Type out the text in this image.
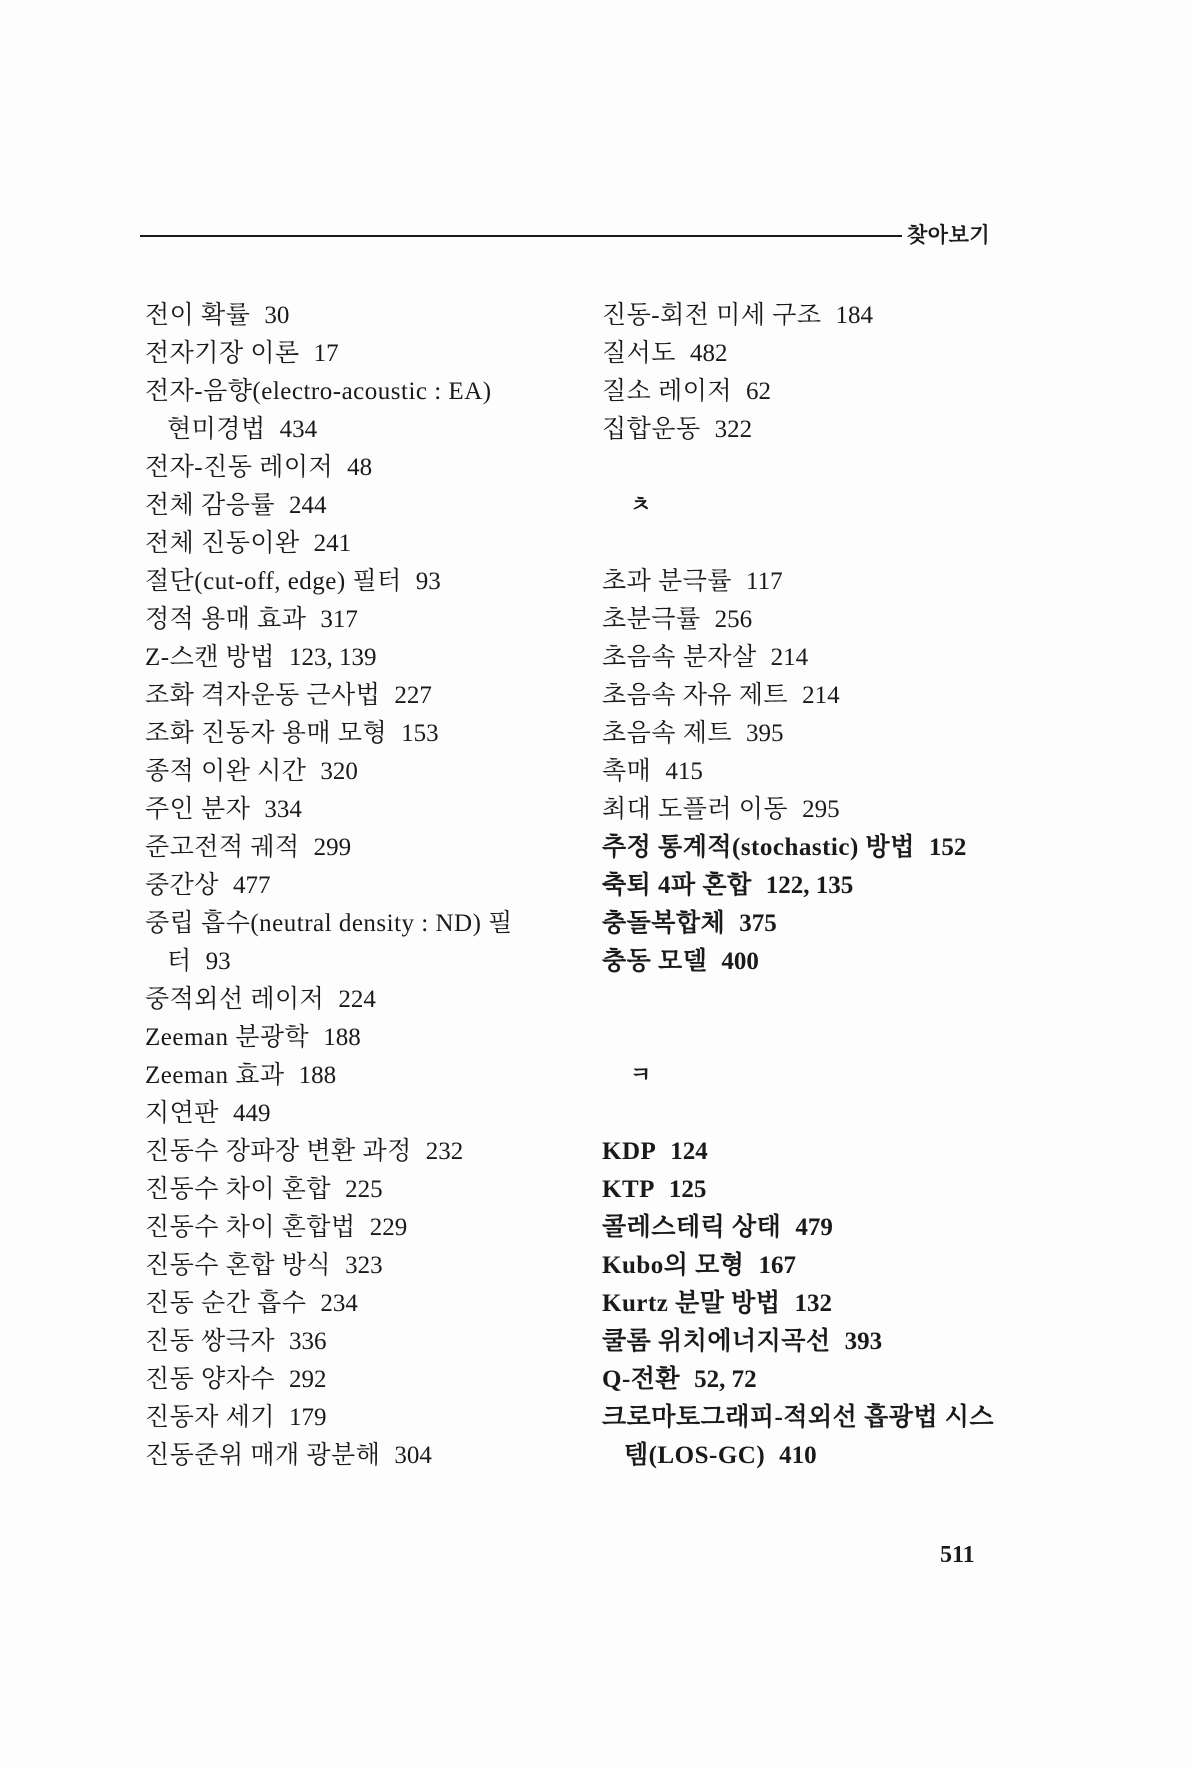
찾아보기
전이 확률 30
전자기장 이론 17
전자-음향(electro-acoustic : EA)
현미경법 434
전자-진동 레이저 48
전체 감응률 244
전체 진동이완 241
절단(cut-off, edge) 필터 93
정적 용매 효과 317
Z-스캔 방법 123, 139
조화 격자운동 근사법 227
조화 진동자 용매 모형 153
종적 이완 시간 320
주인 분자 334
준고전적 궤적 299
중간상 477
중립 흡수(neutral density : ND) 필
터 93
중적외선 레이저 224
Zeeman 분광학 188
Zeeman 효과 188
지연판 449
진동수 장파장 변환 과정 232
진동수 차이 혼합 225
진동수 차이 혼합법 229
진동수 혼합 방식 323
진동 순간 흡수 234
진동 쌍극자 336
진동 양자수 292
진동자 세기 179
진동준위 매개 광분해 304
진동-회전 미세 구조 184
질서도 482
질소 레이저 62
집합운동 322

ㅊ

초과 분극률 117
초분극률 256
초음속 분자살 214
초음속 자유 제트 214
초음속 제트 395
촉매 415
최대 도플러 이동 295
추정 통계적(stochastic) 방법 152
축퇴 4파 혼합 122, 135
충돌복합체 375
충동 모델 400

ㅋ

KDP 124
KTP 125
콜레스테릭 상태 479
Kubo의 모형 167
Kurtz 분말 방법 132
쿨롬 위치에너지곡선 393
Q-전환 52, 72
크로마토그래피-적외선 흡광법 시스
템(LOS-GC) 410
511
